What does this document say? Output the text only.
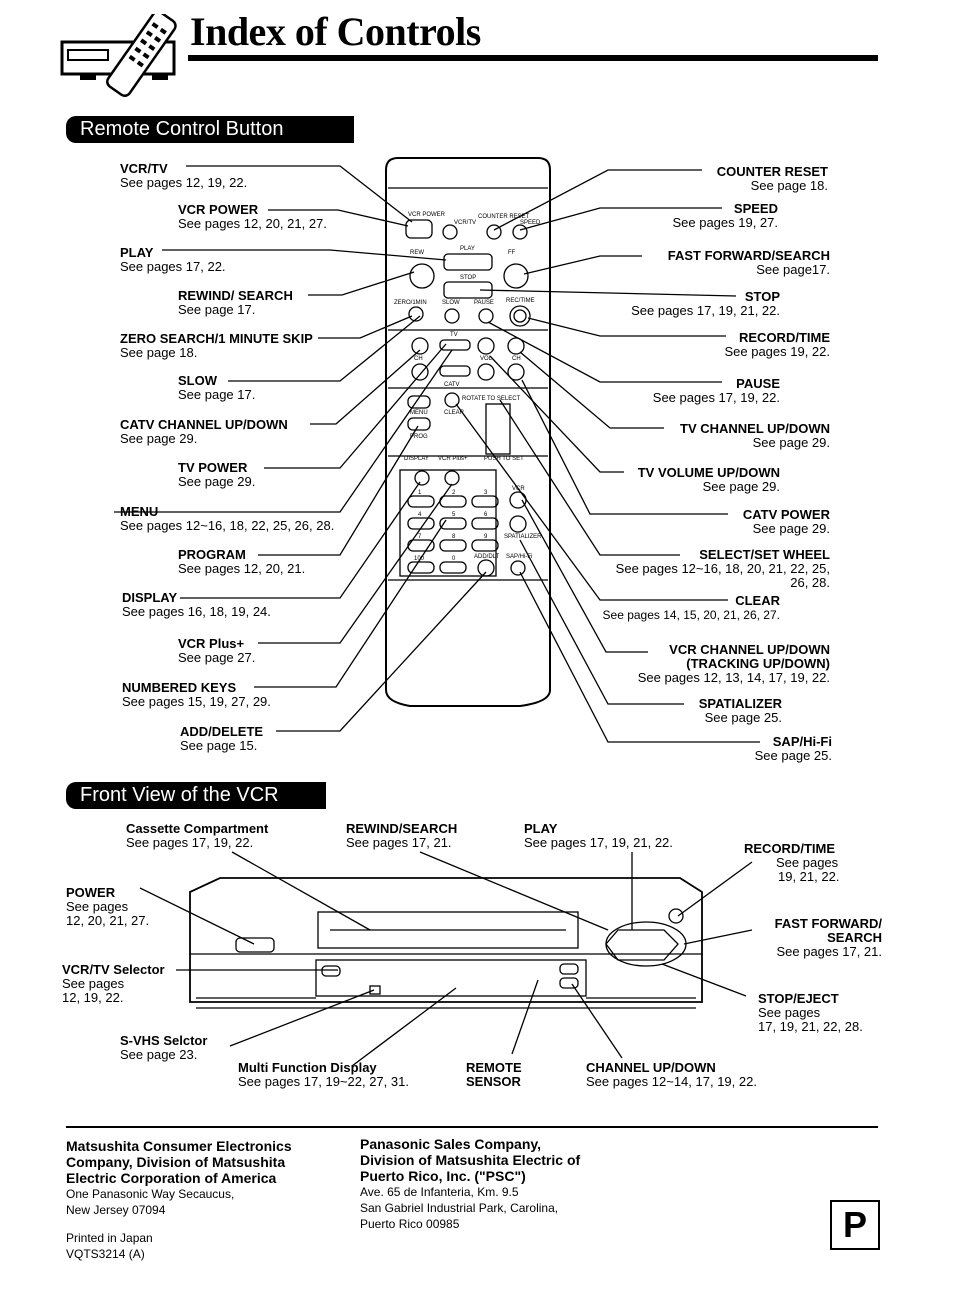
Index of Controls
Remote Control Button
Front View of the VCR
VCR POWER
VCR/TV
COUNTER RESET
SPEED
REW
PLAY
FF
STOP
ZERO/1MIN	SLOW PAUSE REC/TIME
TV
CH	VOL	CH
CATV
MENU	CLEAR
ROTATE TO SELECT
PROG
DISPLAY VCR Plus+	PUSH TO SET
VCR
SPATIALIZER
ADD/DLT SAP/Hi-Fi
1	2	3
4	5	6
7	8	9
100	0
VCR/TV
See pages 12, 19, 22.
VCR POWER
See pages 12, 20, 21, 27.
PLAY
See pages 17, 22.
REWIND/ SEARCH
See page 17.
ZERO SEARCH/1 MINUTE SKIP
See page 18.
SLOW
See page 17.
CATV CHANNEL UP/DOWN
See page 29.
TV POWER
See page 29.
MENU
See pages 12~16, 18, 22, 25, 26, 28.
PROGRAM
See pages 12, 20, 21.
DISPLAY
See pages 16, 18, 19, 24.
VCR Plus+
See page 27.
NUMBERED KEYS
See pages 15, 19, 27, 29.
ADD/DELETE
See page 15.
COUNTER RESET
See page 18.
SPEED
See pages 19, 27.
FAST FORWARD/SEARCH
See page17.
STOP
See pages 17, 19, 21, 22.
RECORD/TIME
See pages 19, 22.
PAUSE
See pages 17, 19, 22.
TV CHANNEL UP/DOWN
See page 29.
TV VOLUME UP/DOWN
See page 29.
CATV POWER
See page 29.
SELECT/SET WHEEL
See pages 12~16, 18, 20, 21, 22, 25,
26, 28.
CLEAR
See pages 14, 15, 20, 21, 26, 27.
VCR CHANNEL UP/DOWN
(TRACKING UP/DOWN)
See pages 12, 13, 14, 17, 19, 22.
SPATIALIZER
See page 25.
SAP/Hi-Fi
See page 25.
Cassette Compartment
See pages 17, 19, 22.
REWIND/SEARCH
See pages 17, 21.
PLAY
See pages 17, 19, 21, 22.	RECORD/TIME
See pages
19, 21, 22.
POWER
See pages
12, 20, 21, 27.	FAST FORWARD/
SEARCH
See pages 17, 21.
VCR/TV Selector
See pages
12, 19, 22.	STOP/EJECT
See pages
17, 19, 21, 22, 28.
S-VHS Selctor
See page 23.
Multi Function Display
See pages 17, 19~22, 27, 31.
REMOTE
SENSOR
CHANNEL UP/DOWN
See pages 12~14, 17, 19, 22.
Matsushita Consumer Electronics
Company, Division of Matsushita
Electric Corporation of America
One Panasonic Way Secaucus,
New Jersey 07094
Printed in Japan
VQTS3214 (A)
Panasonic Sales Company,
Division of Matsushita Electric of
Puerto Rico, Inc. ("PSC")
Ave. 65 de Infanteria, Km. 9.5
San Gabriel Industrial Park, Carolina,
Puerto Rico 00985	P
